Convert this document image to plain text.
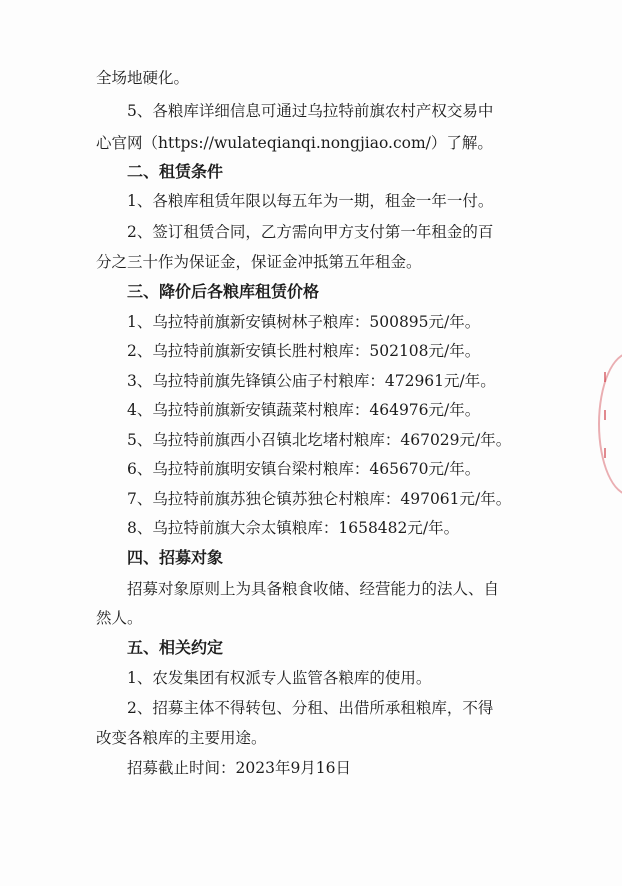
全场地硬化。
5、各粮库详细信息可通过乌拉特前旗农村产权交易中
心官网（https://wulateqianqi.nongjiao.com/）了解。
二、租赁条件
1、各粮库租赁年限以每五年为一期，租金一年一付。
2、签订租赁合同，乙方需向甲方支付第一年租金的百
分之三十作为保证金，保证金冲抵第五年租金。
三、降价后各粮库租赁价格
1、乌拉特前旗新安镇树林子粮库：500895元/年。
2、乌拉特前旗新安镇长胜村粮库：502108元/年。
3、乌拉特前旗先锋镇公庙子村粮库：472961元/年。
4、乌拉特前旗新安镇蔬菜村粮库：464976元/年。
5、乌拉特前旗西小召镇北圪堵村粮库：467029元/年。
6、乌拉特前旗明安镇台梁村粮库：465670元/年。
7、乌拉特前旗苏独仑镇苏独仑村粮库：497061元/年。
8、乌拉特前旗大佘太镇粮库：1658482元/年。
四、招募对象
招募对象原则上为具备粮食收储、经营能力的法人、自
然人。
五、相关约定
1、农发集团有权派专人监管各粮库的使用。
2、招募主体不得转包、分租、出借所承租粮库，不得
改变各粮库的主要用途。
招募截止时间：2023年9月16日
